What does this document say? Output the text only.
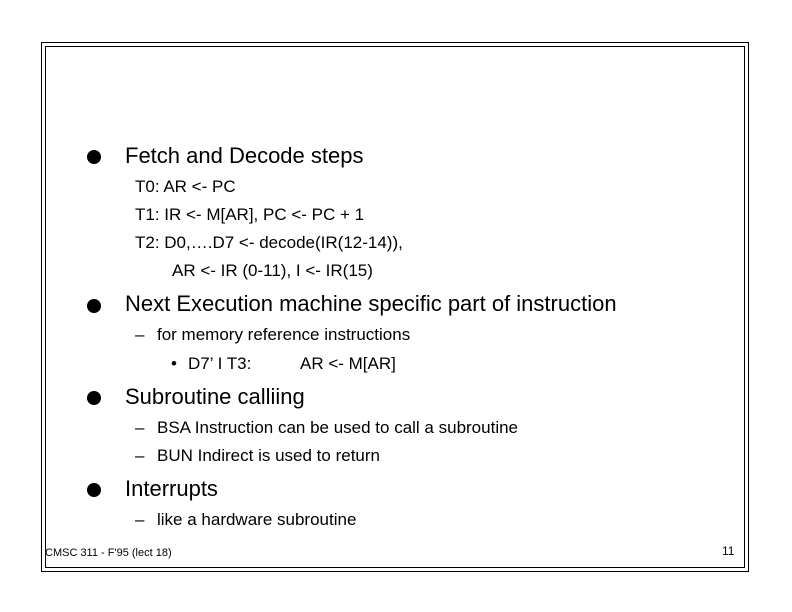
Fetch and Decode steps
T0: AR <- PC
T1: IR <- M[AR], PC <- PC + 1
T2: D0,….D7 <- decode(IR(12-14)),
AR <- IR (0-11), I <- IR(15)
Next Execution machine specific part of instruction
– for memory reference instructions
• D7’ I T3:	AR <- M[AR]
Subroutine calliing
– BSA Instruction can be used to call a subroutine
– BUN Indirect is used to return
Interrupts
– like a hardware subroutine
CMSC 311 - F'95 (lect 18)	11
